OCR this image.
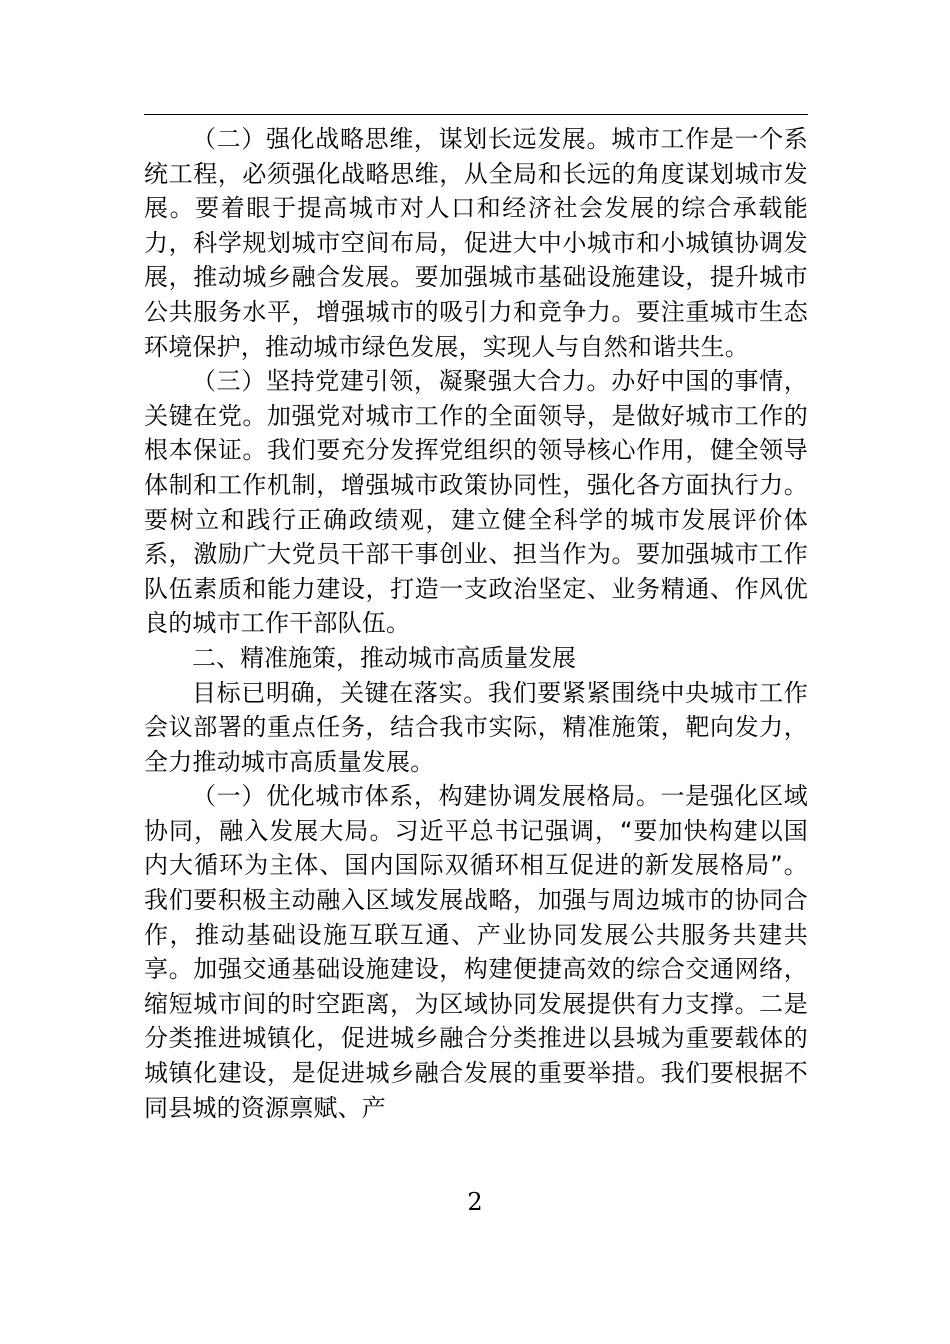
（二）强化战略思维，谋划长远发展。城市工作是一个系统工程，必须强化战略思维，从全局和长远的角度谋划城市发展。要着眼于提高城市对人口和经济社会发展的综合承载能力，科学规划城市空间布局，促进大中小城市和小城镇协调发展，推动城乡融合发展。要加强城市基础设施建设，提升城市公共服务水平，增强城市的吸引力和竞争力。要注重城市生态环境保护，推动城市绿色发展，实现人与自然和谐共生。

（三）坚持党建引领，凝聚强大合力。办好中国的事情，关键在党。加强党对城市工作的全面领导，是做好城市工作的根本保证。我们要充分发挥党组织的领导核心作用，健全领导体制和工作机制，增强城市政策协同性，强化各方面执行力。要树立和践行正确政绩观，建立健全科学的城市发展评价体系，激励广大党员干部干事创业、担当作为。要加强城市工作队伍素质和能力建设，打造一支政治坚定、业务精通、作风优良的城市工作干部队伍。

二、精准施策，推动城市高质量发展

目标已明确，关键在落实。我们要紧紧围绕中央城市工作会议部署的重点任务，结合我市实际，精准施策，靶向发力，全力推动城市高质量发展。

（一）优化城市体系，构建协调发展格局。一是强化区域协同，融入发展大局。习近平总书记强调，“要加快构建以国内大循环为主体、国内国际双循环相互促进的新发展格局”。我们要积极主动融入区域发展战略，加强与周边城市的协同合作，推动基础设施互联互通、产业协同发展公共服务共建共享。加强交通基础设施建设，构建便捷高效的综合交通网络，缩短城市间的时空距离，为区域协同发展提供有力支撑。二是分类推进城镇化，促进城乡融合分类推进以县城为重要载体的城镇化建设，是促进城乡融合发展的重要举措。我们要根据不同县城的资源禀赋、产

2
